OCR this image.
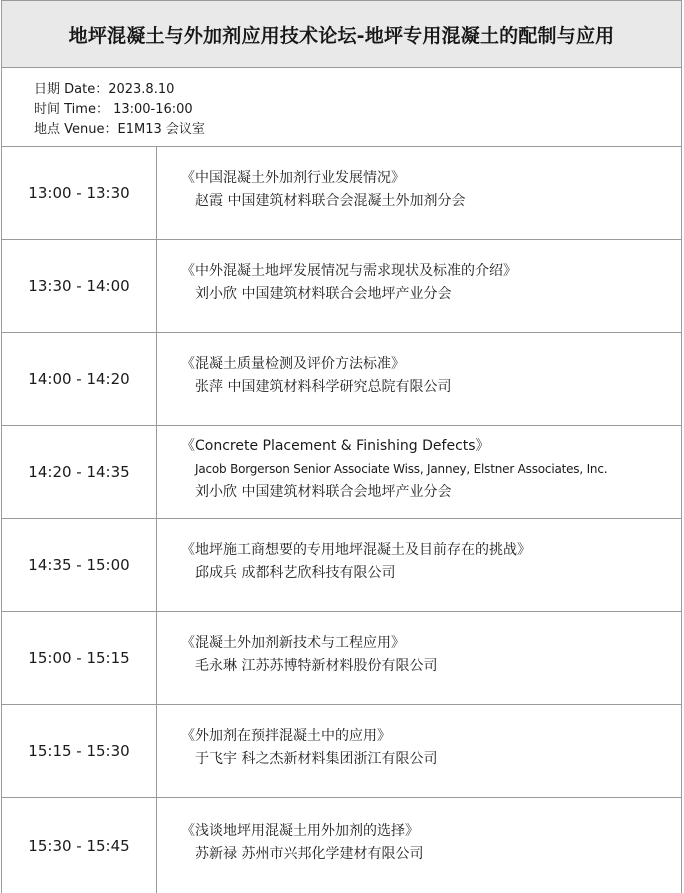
地坪混凝土与外加剂应用技术论坛-地坪专用混凝土的配制与应用
日期 Date：2023.8.10
时间 Time： 13:00-16:00
地点 Venue：E1M13 会议室
13:00 - 13:30
《中国混凝土外加剂行业发展情况》
赵霞 中国建筑材料联合会混凝土外加剂分会
13:30 - 14:00
《中外混凝土地坪发展情况与需求现状及标准的介绍》
刘小欣 中国建筑材料联合会地坪产业分会
14:00 - 14:20
《混凝土质量检测及评价方法标准》
张萍 中国建筑材料科学研究总院有限公司
14:20 - 14:35
《Concrete Placement & Finishing Defects》
Jacob Borgerson Senior Associate Wiss, Janney, Elstner Associates, Inc.
刘小欣 中国建筑材料联合会地坪产业分会
14:35 - 15:00
《地坪施工商想要的专用地坪混凝土及目前存在的挑战》
邱成兵 成都科艺欣科技有限公司
15:00 - 15:15
《混凝土外加剂新技术与工程应用》
毛永琳 江苏苏博特新材料股份有限公司
15:15 - 15:30
《外加剂在预拌混凝土中的应用》
于飞宇 科之杰新材料集团浙江有限公司
15:30 - 15:45
《浅谈地坪用混凝土用外加剂的选择》
苏新禄 苏州市兴邦化学建材有限公司
